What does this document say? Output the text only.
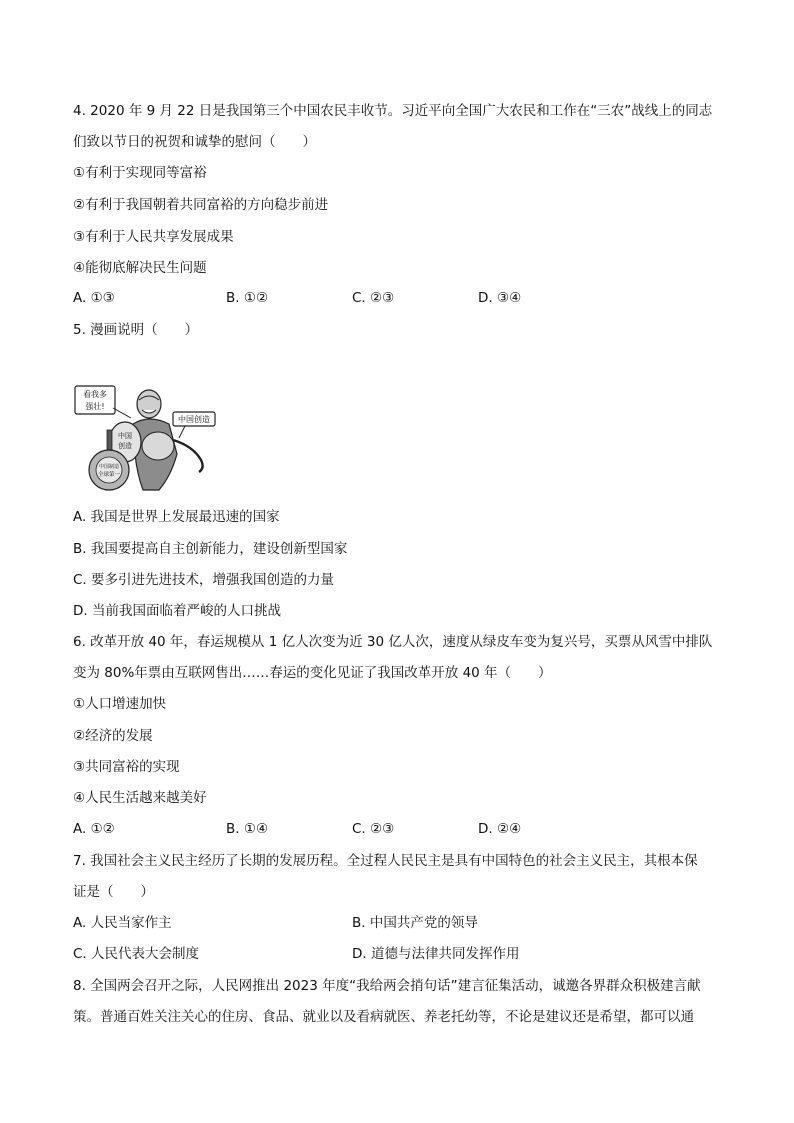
4. 2020 年 9 月 22 日是我国第三个中国农民丰收节。习近平向全国广大农民和工作在“三农”战线上的同志
们致以节日的祝贺和诚挚的慰问（　　）
①有利于实现同等富裕
②有利于我国朝着共同富裕的方向稳步前进
③有利于人民共享发展成果
④能彻底解决民生问题
A. ①③	B. ①②	C. ②③	D. ③④
5. 漫画说明（　　）
看我多
强壮!
中国创造
中国
创造
中国制造
全球第一
A. 我国是世界上发展最迅速的国家
B. 我国要提高自主创新能力，建设创新型国家
C. 要多引进先进技术，增强我国创造的力量
D. 当前我国面临着严峻的人口挑战
6. 改革开放 40 年，春运规模从 1 亿人次变为近 30 亿人次，速度从绿皮车变为复兴号，买票从风雪中排队
变为 80%年票由互联网售出……春运的变化见证了我国改革开放 40 年（　　）
①人口增速加快
②经济的发展
③共同富裕的实现
④人民生活越来越美好
A. ①②	B. ①④	C. ②③	D. ②④
7. 我国社会主义民主经历了长期的发展历程。全过程人民民主是具有中国特色的社会主义民主，其根本保
证是（　　）
A. 人民当家作主	B. 中国共产党的领导
C. 人民代表大会制度	D. 道德与法律共同发挥作用
8. 全国两会召开之际，人民网推出 2023 年度“我给两会捎句话”建言征集活动，诚邀各界群众积极建言献
策。普通百姓关注关心的住房、食品、就业以及看病就医、养老托幼等，不论是建议还是希望，都可以通
